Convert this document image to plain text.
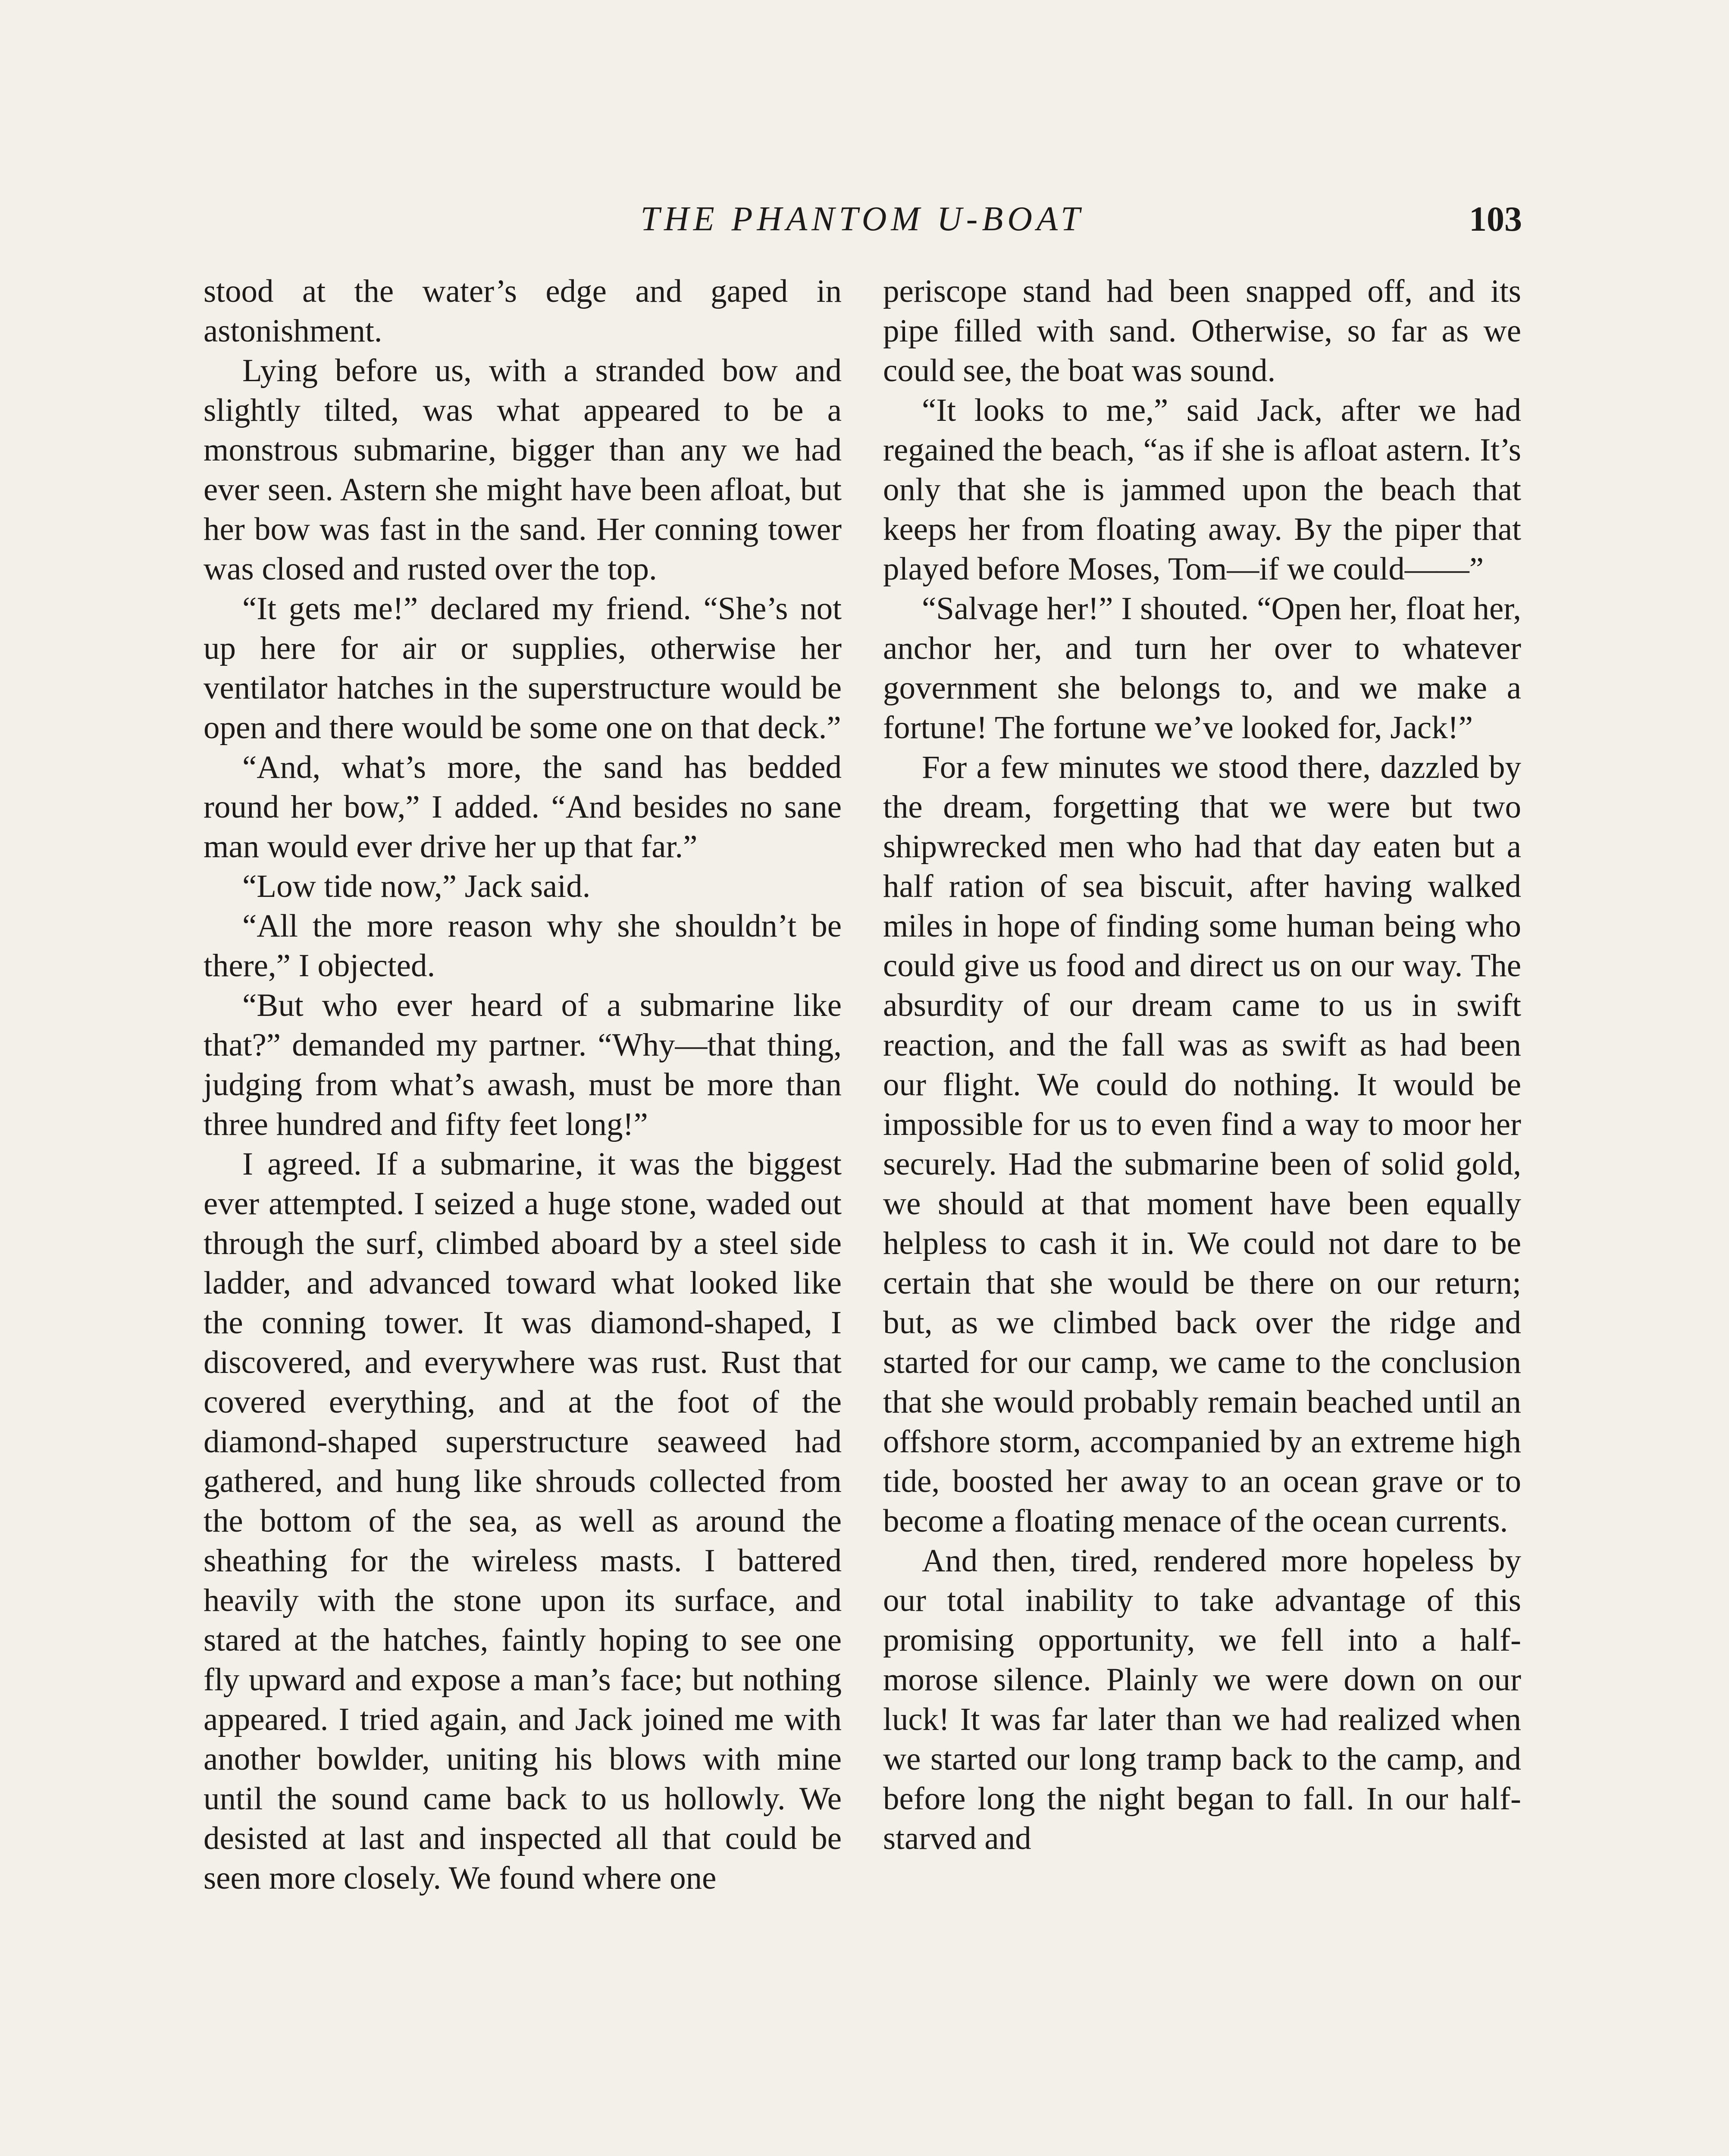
THE PHANTOM U-BOAT	103

stood at the water’s edge and gaped in astonishment.

Lying before us, with a stranded bow and slightly tilted, was what appeared to be a monstrous submarine, bigger than any we had ever seen. Astern she might have been afloat, but her bow was fast in the sand. Her conning tower was closed and rusted over the top.

“It gets me!” declared my friend. “She’s not up here for air or supplies, otherwise her ventilator hatches in the superstructure would be open and there would be some one on that deck.”

“And, what’s more, the sand has bedded round her bow,” I added. “And besides no sane man would ever drive her up that far.”

“Low tide now,” Jack said.

“All the more reason why she shouldn’t be there,” I objected.

“But who ever heard of a submarine like that?” demanded my partner. “Why—that thing, judging from what’s awash, must be more than three hundred and fifty feet long!”

I agreed. If a submarine, it was the biggest ever attempted. I seized a huge stone, waded out through the surf, climbed aboard by a steel side ladder, and advanced toward what looked like the conning tower. It was diamond-shaped, I discovered, and everywhere was rust. Rust that covered everything, and at the foot of the diamond-shaped superstructure seaweed had gathered, and hung like shrouds collected from the bottom of the sea, as well as around the sheathing for the wireless masts. I battered heavily with the stone upon its surface, and stared at the hatches, faintly hoping to see one fly upward and expose a man’s face; but nothing appeared. I tried again, and Jack joined me with another bowlder, uniting his blows with mine until the sound came back to us hollowly. We desisted at last and inspected all that could be seen more closely. We found where one

periscope stand had been snapped off, and its pipe filled with sand. Otherwise, so far as we could see, the boat was sound.

“It looks to me,” said Jack, after we had regained the beach, “as if she is afloat astern. It’s only that she is jammed upon the beach that keeps her from floating away. By the piper that played before Moses, Tom—if we could——”

“Salvage her!” I shouted. “Open her, float her, anchor her, and turn her over to whatever government she belongs to, and we make a fortune! The fortune we’ve looked for, Jack!”

For a few minutes we stood there, dazzled by the dream, forgetting that we were but two shipwrecked men who had that day eaten but a half ration of sea biscuit, after having walked miles in hope of finding some human being who could give us food and direct us on our way. The absurdity of our dream came to us in swift reaction, and the fall was as swift as had been our flight. We could do nothing. It would be impossible for us to even find a way to moor her securely. Had the submarine been of solid gold, we should at that moment have been equally helpless to cash it in. We could not dare to be certain that she would be there on our return; but, as we climbed back over the ridge and started for our camp, we came to the conclusion that she would probably remain beached until an offshore storm, accompanied by an extreme high tide, boosted her away to an ocean grave or to become a floating menace of the ocean currents.

And then, tired, rendered more hopeless by our total inability to take advantage of this promising opportunity, we fell into a half-morose silence. Plainly we were down on our luck! It was far later than we had realized when we started our long tramp back to the camp, and before long the night began to fall. In our half-starved and
